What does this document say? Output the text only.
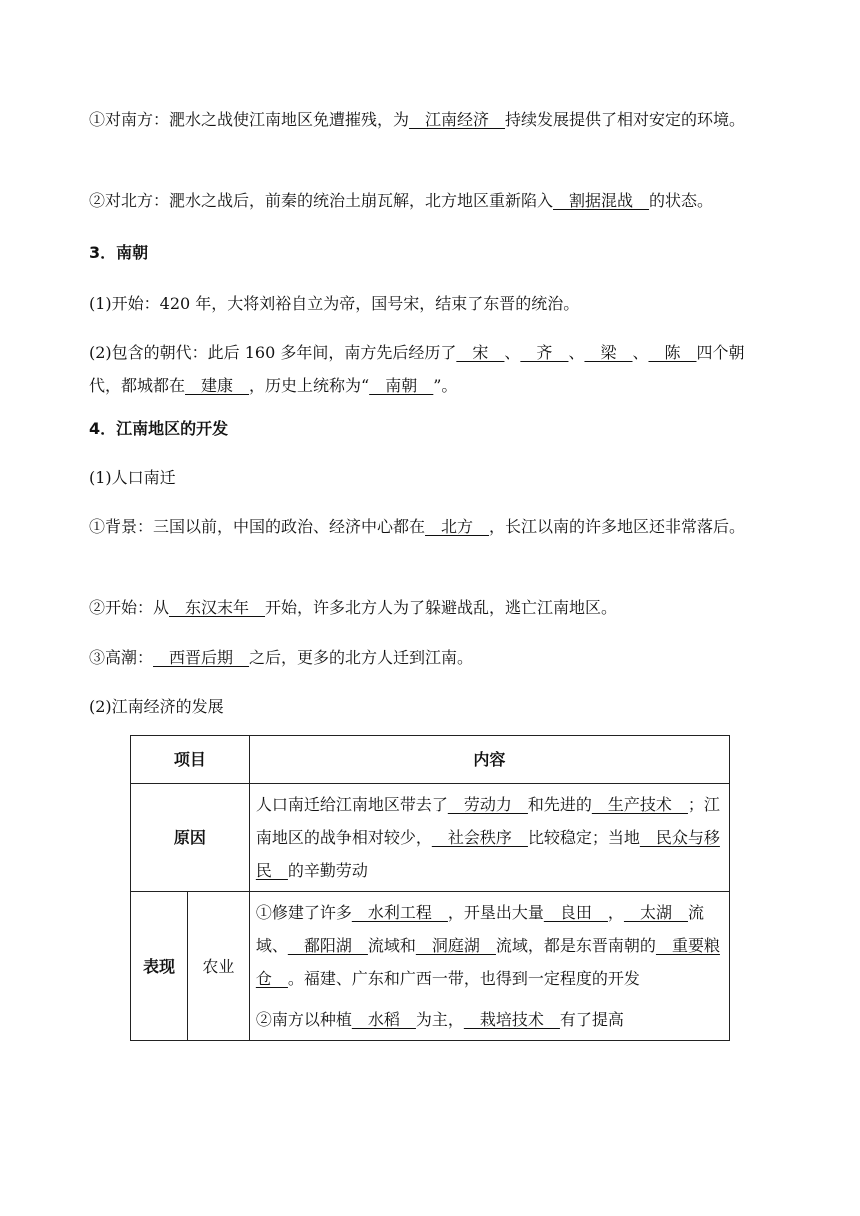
①对南方：淝水之战使江南地区免遭摧残，为__江南经济__持续发展提供了相对安定的环境。
②对北方：淝水之战后，前秦的统治土崩瓦解，北方地区重新陷入__割据混战__的状态。
3．南朝
(1)开始：420 年，大将刘裕自立为帝，国号宋，结束了东晋的统治。
(2)包含的朝代：此后 160 多年间，南方先后经历了__宋__、__齐__、__梁__、__陈__四个朝代，都城都在__建康__，历史上统称为“__南朝__”。
4．江南地区的开发
(1)人口南迁
①背景：三国以前，中国的政治、经济中心都在__北方__，长江以南的许多地区还非常落后。
②开始：从__东汉末年__开始，许多北方人为了躲避战乱，逃亡江南地区。
③高潮：__西晋后期__之后，更多的北方人迁到江南。
(2)江南经济的发展
项目		内容
原因		人口南迁给江南地区带去了__劳动力__和先进的__生产技术__；江南地区的战争相对较少，__社会秩序__比较稳定；当地__民众与移民__的辛勤劳动
表现	农业	①修建了许多__水利工程__，开垦出大量__良田__，__太湖__流域、__鄱阳湖__流域和__洞庭湖__流域，都是东晋南朝的__重要粮仓__。福建、广东和广西一带，也得到一定程度的开发
②南方以种植__水稻__为主，__栽培技术__有了提高
